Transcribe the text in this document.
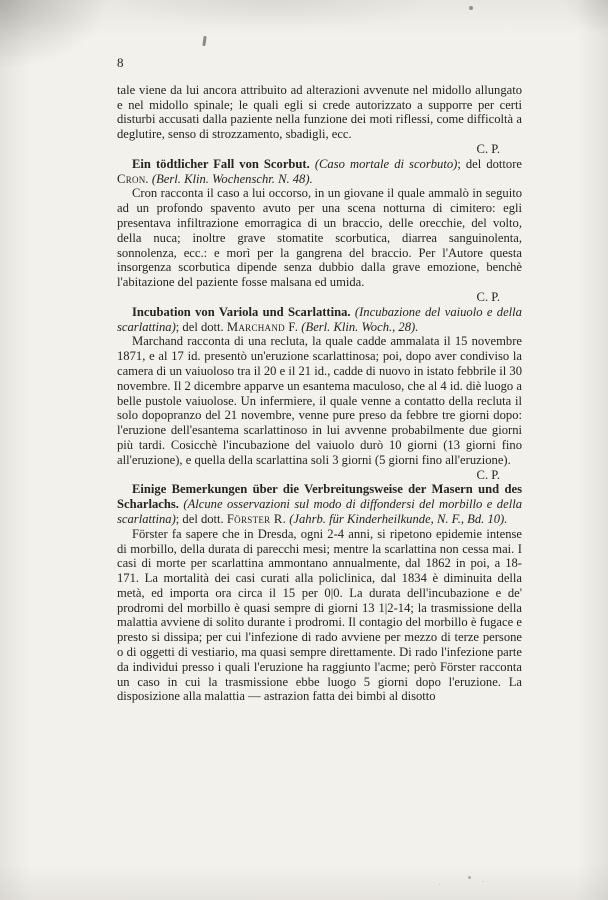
8

tale viene da lui ancora attribuito ad alterazioni avvenute nel midollo allungato e nel midollo spinale; le quali egli si crede autorizzato a supporre per certi disturbi accusati dalla paziente nella funzione dei moti riflessi, come difficoltà a deglutire, senso di strozzamento, sbadigli, ecc.

C. P.

Ein tödtlicher Fall von Scorbut. (Caso mortale di scorbuto); del dottore Cron. (Berl. Klin. Wochenschr. N. 48).

Cron racconta il caso a lui occorso, in un giovane il quale ammalò in seguito ad un profondo spavento avuto per una scena notturna di cimitero: egli presentava infiltrazione emorragica di un braccio, delle orecchie, del volto, della nuca; inoltre grave stomatite scorbutica, diarrea sanguinolenta, sonnolenza, ecc.: e morì per la gangrena del braccio. Per l'Autore questa insorgenza scorbutica dipende senza dubbio dalla grave emozione, benchè l'abitazione del paziente fosse malsana ed umida.

C. P.

Incubation von Variola und Scarlattina. (Incubazione del vaiuolo e della scarlattina); del dott. Marchand F. (Berl. Klin. Woch., 28).

Marchand racconta di una recluta, la quale cadde ammalata il 15 novembre 1871, e al 17 id. presentò un'eruzione scarlattinosa; poi, dopo aver condiviso la camera di un vaiuoloso tra il 20 e il 21 id., cadde di nuovo in istato febbrile il 30 novembre. Il 2 dicembre apparve un esantema maculoso, che al 4 id. diè luogo a belle pustole vaiuolose. Un infermiere, il quale venne a contatto della recluta il solo dopopranzo del 21 novembre, venne pure preso da febbre tre giorni dopo: l'eruzione dell'esantema scarlattinoso in lui avvenne probabilmente due giorni più tardi. Cosicchè l'incubazione del vaiuolo durò 10 giorni (13 giorni fino all'eruzione), e quella della scarlattina soli 3 giorni (5 giorni fino all'eruzione).

C. P.

Einige Bemerkungen über die Verbreitungsweise der Masern und des Scharlachs. (Alcune osservazioni sul modo di diffondersi del morbillo e della scarlattina); del dott. Förster R. (Jahrb. für Kinderheilkunde, N. F., Bd. 10).

Förster fa sapere che in Dresda, ogni 2-4 anni, si ripetono epidemie intense di morbillo, della durata di parecchi mesi; mentre la scarlattina non cessa mai. I casi di morte per scarlattina ammontano annualmente, dal 1862 in poi, a 18-171. La mortalità dei casi curati alla policlinica, dal 1834 è diminuita della metà, ed importa ora circa il 15 per 0|0. La durata dell'incubazione e de' prodromi del morbillo è quasi sempre di giorni 13 1|2-14; la trasmissione della malattia avviene di solito durante i prodromi. Il contagio del morbillo è fugace e presto si dissipa; per cui l'infezione di rado avviene per mezzo di terze persone o di oggetti di vestiario, ma quasi sempre direttamente. Di rado l'infezione parte da individui presso i quali l'eruzione ha raggiunto l'acme; però Förster racconta un caso in cui la trasmissione ebbe luogo 5 giorni dopo l'eruzione. La disposizione alla malattia — astrazion fatta dei bimbi al disotto
